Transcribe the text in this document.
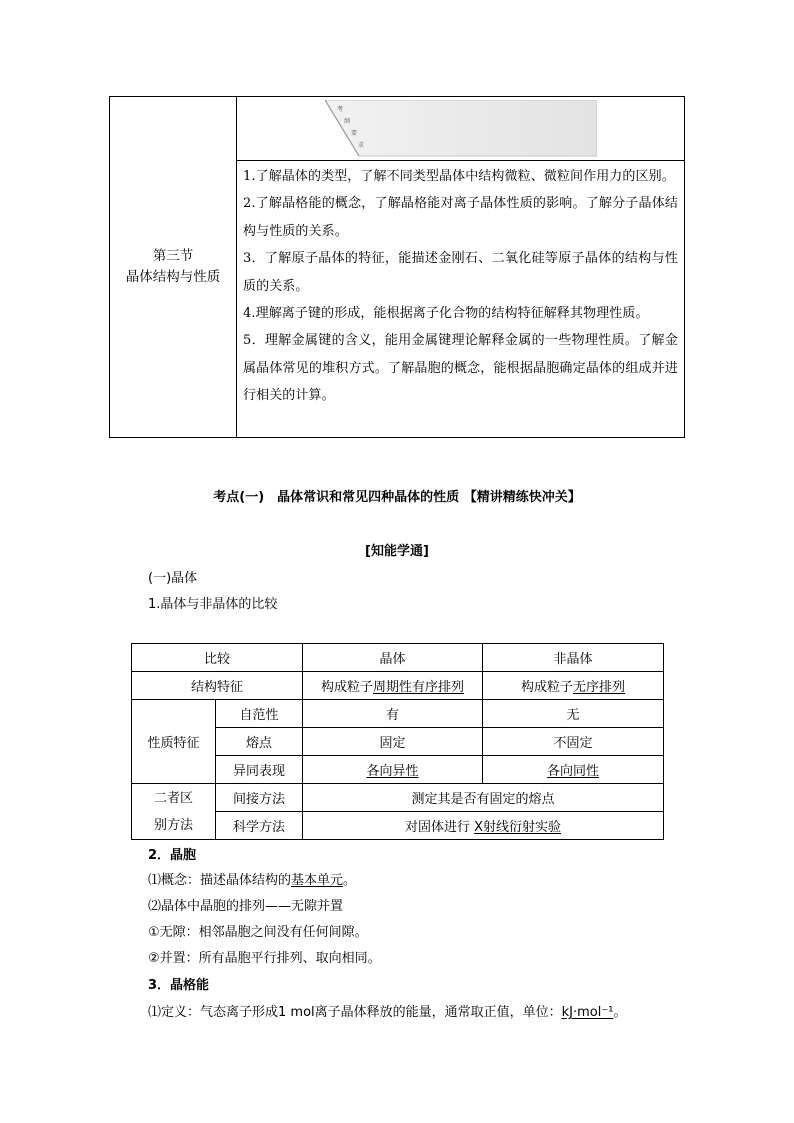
第三节
晶体结构与性质
考
纲
要
求

1.了解晶体的类型，了解不同类型晶体中结构微粒、微粒间作用力的区别。

2.了解晶格能的概念，了解晶格能对离子晶体性质的影响。了解分子晶体结构与性质的关系。

3．了解原子晶体的特征，能描述金刚石、二氧化硅等原子晶体的结构与性质的关系。

4.理解离子键的形成，能根据离子化合物的结构特征解释其物理性质。

5．理解金属键的含义，能用金属键理论解释金属的一些物理性质。了解金属晶体常见的堆积方式。了解晶胞的概念，能根据晶胞确定晶体的组成并进行相关的计算。

考点(一)　晶体常识和常见四种晶体的性质 【精讲精练快冲关】
[知能学通]
(一)晶体
1.晶体与非晶体的比较
比较		晶体	非晶体
结构特征		构成粒子周期性有序排列	构成粒子无序排列
性质特征	自范性	有	无
	熔点	固定	不固定
	异同表现	各向异性	各向同性

二者区
别方法	间接方法	测定其是否有固定的熔点	
	科学方法	对固体进行 X射线衍射实验	
2．晶胞
⑴概念：描述晶体结构的基本单元。
⑵晶体中晶胞的排列——无隙并置
①无隙：相邻晶胞之间没有任何间隙。
②并置：所有晶胞平行排列、取向相同。
3．晶格能
⑴定义：气态离子形成1 mol离子晶体释放的能量，通常取正值，单位：kJ·mol⁻¹。
